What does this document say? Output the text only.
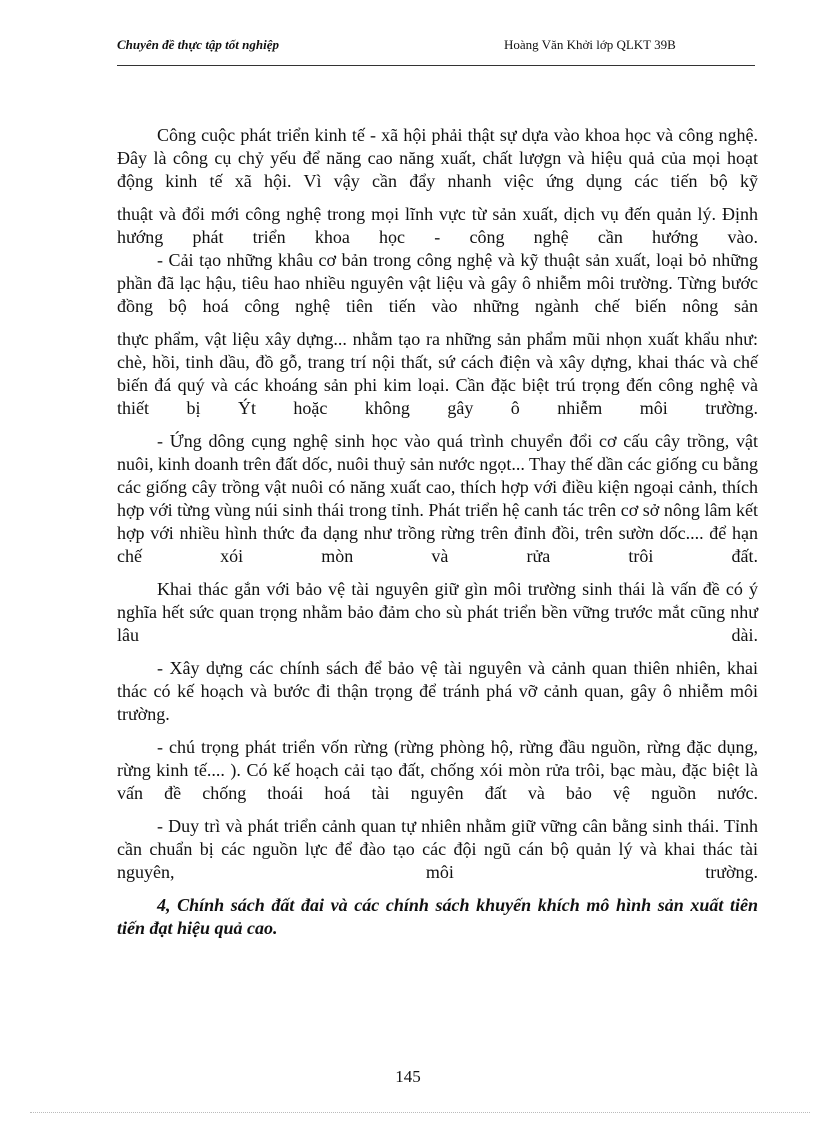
Chuyên đề thực tập tốt nghiệp	Hoàng Văn Khởi lớp QLKT 39B

Công cuộc phát triển kinh tế - xã hội phải thật sự dựa vào khoa học và công nghệ. Đây là công cụ chỷ yếu để năng cao năng xuất, chất lượgn và hiệu quả của mọi hoạt động kinh tế xã hội. Vì vậy cần đẩy nhanh việc ứng dụng các tiến bộ kỹ

thuật và đổi mới công nghệ trong mọi lĩnh vực từ sản xuất, dịch vụ đến quản lý. Định hướng phát triển khoa học - công nghệ cần hướng vào.

- Cải tạo những khâu cơ bản trong công nghệ và kỹ thuật sản xuất, loại bỏ những phần đã lạc hậu, tiêu hao nhiều nguyên vật liệu và gây ô nhiễm môi trường. Từng bước đồng bộ hoá công nghệ tiên tiến vào những ngành chế biến nông sản

thực phẩm, vật liệu xây dựng... nhằm tạo ra những sản phẩm mũi nhọn xuất khẩu như: chè, hồi, tinh dầu, đồ gỗ, trang trí nội thất, sứ cách điện và xây dựng, khai thác và chế biến đá quý và các khoáng sản phi kim loại. Cần đặc biệt trú trọng đến công nghệ và thiết bị Ýt hoặc không gây ô nhiễm môi trường.

- Ứng dông cụng nghệ sinh học vào quá trình chuyển đổi cơ cấu cây trồng, vật nuôi, kinh doanh trên đất dốc, nuôi thuỷ sản nước ngọt... Thay thế dần các giống cu bằng các giống cây trồng vật nuôi có năng xuất cao, thích hợp với điều kiện ngoại cảnh, thích hợp với từng vùng núi sinh thái trong tỉnh. Phát triển hệ canh tác trên cơ sở nông lâm kết hợp với nhiều hình thức đa dạng như trồng rừng trên đỉnh đồi, trên sườn dốc.... để hạn chế xói mòn và rửa trôi đất.

Khai thác gắn với bảo vệ tài nguyên giữ gìn môi trường sinh thái là vấn đề có ý nghĩa hết sức quan trọng nhằm bảo đảm cho sù phát triển bền vững trước mắt cũng như lâu dài.

- Xây dựng các chính sách để bảo vệ tài nguyên và cảnh quan thiên nhiên, khai thác có kế hoạch và bước đi thận trọng để tránh phá vỡ cảnh quan, gây ô nhiễm môi trường.

- chú trọng phát triển vốn rừng (rừng phòng hộ, rừng đầu nguồn, rừng đặc dụng, rừng kinh tế.... ). Có kế hoạch cải tạo đất, chống xói mòn rửa trôi, bạc màu, đặc biệt là vấn đề chống thoái hoá tài nguyên đất và bảo vệ nguồn nước.

- Duy trì và phát triển cảnh quan tự nhiên nhằm giữ vững cân bằng sinh thái. Tỉnh cần chuẩn bị các nguồn lực để đào tạo các đội ngũ cán bộ quản lý và khai thác tài nguyên, môi trường.

4, Chính sách đất đai và các chính sách khuyến khích mô hình sản xuất tiên tiến đạt hiệu quả cao.

145
